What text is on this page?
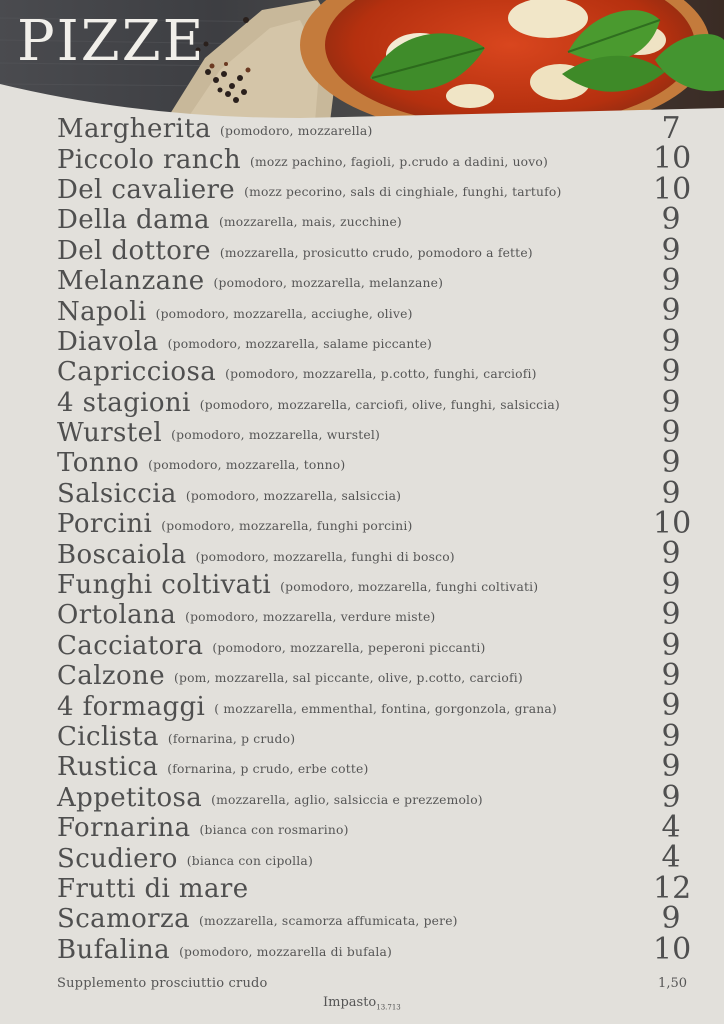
PIZZE
Margherita (pomodoro, mozzarella)	7
Piccolo ranch (mozz pachino, fagioli, p.crudo a dadini, uovo)	10
Del cavaliere (mozz pecorino, sals di cinghiale, funghi, tartufo)	10
Della dama (mozzarella, mais, zucchine)	9
Del dottore (mozzarella, prosicutto crudo, pomodoro a fette)	9
Melanzane (pomodoro, mozzarella, melanzane)	9
Napoli (pomodoro, mozzarella, acciughe, olive)	9
Diavola (pomodoro, mozzarella, salame piccante)	9
Capricciosa (pomodoro, mozzarella, p.cotto, funghi, carciofi)	9
4 stagioni (pomodoro, mozzarella, carciofi, olive, funghi, salsiccia)	9
Wurstel (pomodoro, mozzarella, wurstel)	9
Tonno (pomodoro, mozzarella, tonno)	9
Salsiccia (pomodoro, mozzarella, salsiccia)	9
Porcini (pomodoro, mozzarella, funghi porcini)	10
Boscaiola (pomodoro, mozzarella, funghi di bosco)	9
Funghi coltivati (pomodoro, mozzarella, funghi coltivati)	9
Ortolana (pomodoro, mozzarella, verdure miste)	9
Cacciatora (pomodoro, mozzarella, peperoni piccanti)	9
Calzone (pom, mozzarella, sal piccante, olive, p.cotto, carciofi)	9
4 formaggi ( mozzarella, emmenthal, fontina, gorgonzola, grana)	9
Ciclista (fornarina, p crudo)	9
Rustica (fornarina, p crudo, erbe cotte)	9
Appetitosa (mozzarella, aglio, salsiccia e prezzemolo)	9
Fornarina (bianca con rosmarino)	4
Scudiero (bianca con cipolla)	4
Frutti di mare	12
Scamorza (mozzarella, scamorza affumicata, pere)	9
Bufalina (pomodoro, mozzarella di bufala)	10
Supplemento prosciuttio crudo	1,50
Impasto$_{13.713}$
